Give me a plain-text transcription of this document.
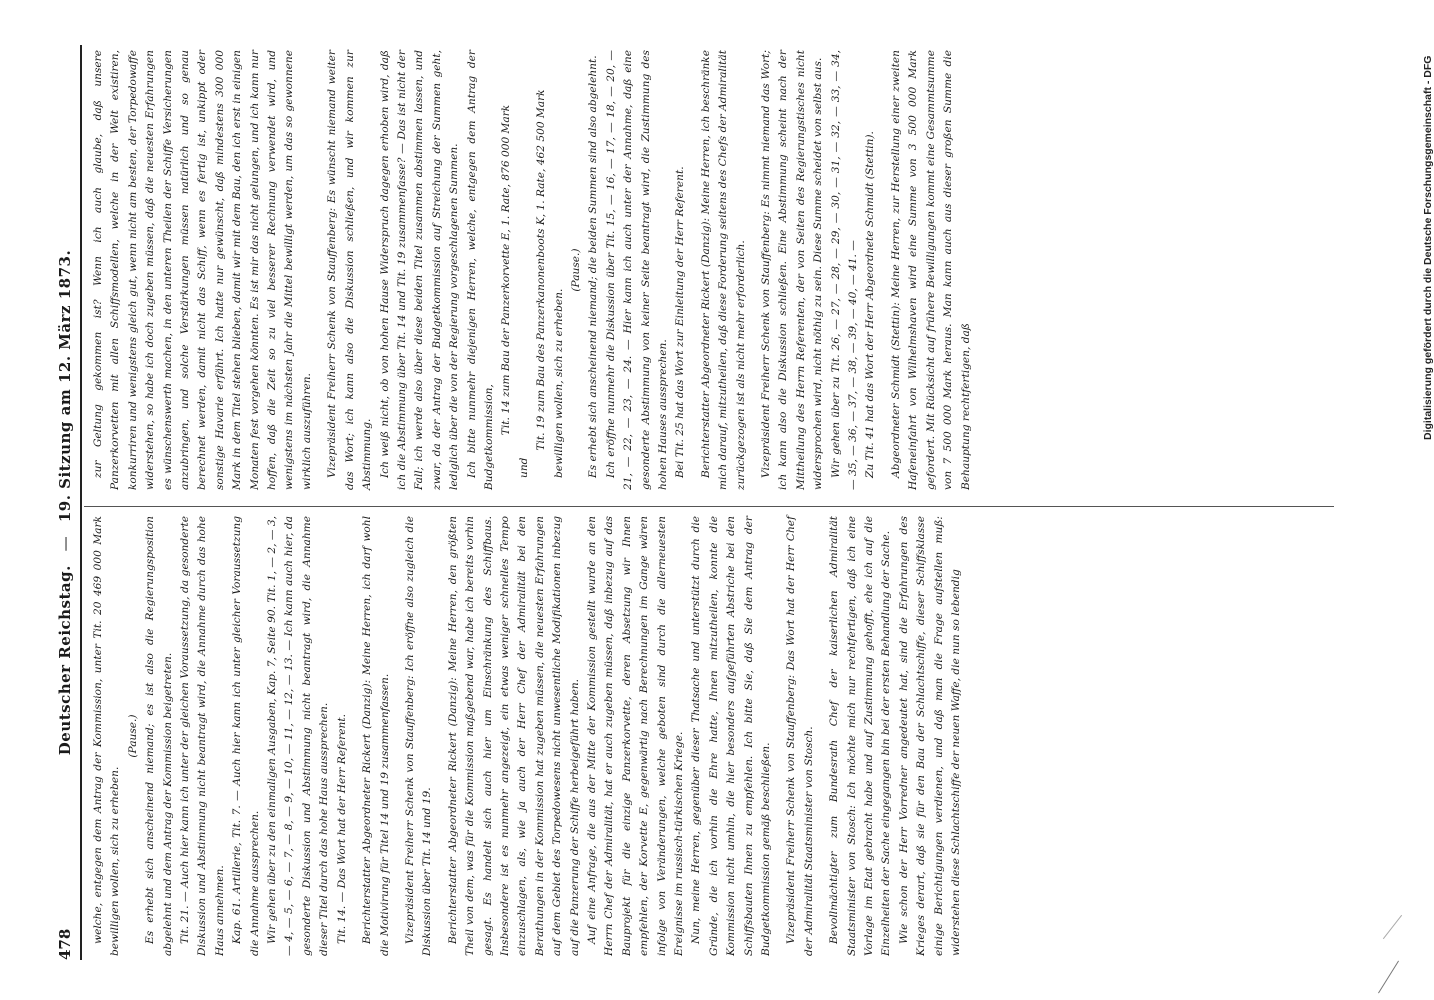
478
Deutscher Reichstag. — 19. Sitzung am 12. März 1873.

welche, entgegen dem Antrag der Kommission, unter Tit. 20 469 000 Mark bewilligen wollen, sich zu erheben.

(Pause.) Es erhebt sich anscheinend niemand; es ist also die Regierungsposition abgelehnt und dem Antrag der Kommission beigetreten. Tit. 21. — Auch hier kann ich unter der gleichen Voraussetzung, da gesonderte Diskussion und Abstimmung nicht beantragt wird, die Annahme durch das hohe Haus annehmen. Kap. 61. Artillerie, Tit. 7. — Auch hier kann ich unter gleicher Voraussetzung die Annahme aussprechen. Wir gehen über zu den einmaligen Ausgaben, Kap. 7, Seite 90. Tit. 1, — 2, — 3, — 4, — 5, — 6, — 7, — 8, — 9, — 10, — 11, — 12, — 13. — Ich kann auch hier, da gesonderte Diskussion und Abstimmung nicht beantragt wird, die Annahme dieser Titel durch das hohe Haus aussprechen. Tit. 14. — Das Wort hat der Herr Referent.	Berichterstatter Abgeordneter Rickert (Danzig): Meine Herren, ich darf wohl die Motivirung für Titel 14 und 19 zusammenfassen.	Vizepräsident Freiherr Schenk von Stauffenberg: Ich eröffne also zugleich die Diskussion über Tit. 14 und 19.	Berichterstatter Abgeordneter Rickert (Danzig): Meine Herren, den größten Theil von dem, was für die Kommission maßgebend war, habe ich bereits vorhin gesagt. Es handelt sich auch hier um Einschränkung des Schiffbaus. Insbesondere ist es nunmehr angezeigt, ein etwas weniger schnelles Tempo einzuschlagen, als, wie ja auch der Herr Chef der Admiralität bei den Berathungen in der Kommission hat zugeben müssen, die neuesten Erfahrungen auf dem Gebiet des Torpedowesens nicht unwesentliche Modifikationen inbezug auf die Panzerung der Schiffe herbeigeführt haben. Auf eine Anfrage, die aus der Mitte der Kommission gestellt wurde an den Herrn Chef der Admiralität, hat er auch zugeben müssen, daß inbezug auf das Bauprojekt für die einzige Panzerkorvette, deren Absetzung wir Ihnen empfehlen, der Korvette E, gegenwärtig nach Berechnungen im Gange wären infolge von Veränderungen, welche geboten sind durch die allerneuesten Ereignisse im russisch-türkischen Kriege. Nun, meine Herren, gegenüber dieser Thatsache und unterstützt durch die Gründe, die ich vorhin die Ehre hatte, Ihnen mitzutheilen, konnte die Kommission nicht umhin, die hier besonders aufgeführten Abstriche bei den Schiffsbauten Ihnen zu empfehlen. Ich bitte Sie, daß Sie dem Antrag der Budgetkommission gemäß beschließen.	Vizepräsident Freiherr Schenk von Stauffenberg: Das Wort hat der Herr Chef der Admiralität Staatsminister von Stosch.	Bevollmächtigter zum Bundesrath Chef der kaiserlichen Admiralität Staatsminister von Stosch: Ich möchte mich nur rechtfertigen, daß ich eine Vorlage im Etat gebracht habe und auf Zustimmung gehofft, ehe ich auf die Einzelheiten der Sache eingegangen bin bei der ersten Behandlung der Sache. Wie schon der Herr Vorredner angedeutet hat, sind die Erfahrungen des Krieges derart, daß sie für den Bau der Schlachtschiffe, dieser Schiffsklasse einige Berichtigungen verdienen, und daß man die Frage aufstellen muß: widerstehen diese Schlachtschiffe der neuen Waffe, die nun so lebendig

zur Geltung gekommen ist? Wenn ich auch glaube, daß unsere Panzerkorvetten mit allen Schiffsmodellen, welche in der Welt existiren, konkurriren und wenigstens gleich gut, wenn nicht am besten, der Torpedowaffe widerstehen, so habe ich doch zugeben müssen, daß die neuesten Erfahrungen es wünschenswerth machen, in den unteren Theilen der Schiffe Versicherungen anzubringen, und solche Verstärkungen müssen natürlich und so genau berechnet werden, damit nicht das Schiff, wenn es fertig ist, unkippt oder sonstige Havarie erfährt. Ich hatte nur gewünscht, daß mindestens 300 000 Mark in dem Titel stehen blieben, damit wir mit dem Bau, den ich erst in einigen Monaten fest vorgehen könnten. Es ist mir das nicht gelungen, und ich kann nur hoffen, daß die Zeit so zu viel besserer Rechnung verwendet wird, und wenigstens im nächsten Jahr die Mittel bewilligt werden, um das so gewonnene wirklich auszuführen.	Vizepräsident Freiherr Schenk von Stauffenberg: Es wünscht niemand weiter das Wort; ich kann also die Diskussion schließen, und wir kommen zur Abstimmung. Ich weiß nicht, ob von hohen Hause Widerspruch dagegen erhoben wird, daß ich die Abstimmung über Tit. 14 und Tit. 19 zusammenfasse? — Das ist nicht der Fall; ich werde also über diese beiden Titel zusammen abstimmen lassen, und zwar, da der Antrag der Budgetkommission auf Streichung der Summen geht, lediglich über die von der Regierung vorgeschlagenen Summen. Ich bitte nunmehr diejenigen Herren, welche, entgegen dem Antrag der Budgetkommission,

Tit. 14 zum Bau der Panzerkorvette E, 1. Rate, 876 000 Mark

und

Tit. 19 zum Bau des Panzerkanonenboots K, 1. Rate, 462 500 Mark bewilligen wollen, sich zu erheben.

(Pause.) Es erhebt sich anscheinend niemand; die beiden Summen sind also abgelehnt. Ich eröffne nunmehr die Diskussion über Tit. 15, — 16, — 17, — 18, — 20, — 21, — 22, — 23, — 24. — Hier kann ich auch unter der Annahme, daß eine gesonderte Abstimmung von keiner Seite beantragt wird, die Zustimmung des hohen Hauses aussprechen. Bei Tit. 25 hat das Wort zur Einleitung der Herr Referent.	Berichterstatter Abgeordneter Rickert (Danzig): Meine Herren, ich beschränke mich darauf, mitzutheilen, daß diese Forderung seitens des Chefs der Admiralität zurückgezogen ist als nicht mehr erforderlich.	Vizepräsident Freiherr Schenk von Stauffenberg: Es nimmt niemand das Wort; ich kann also die Diskussion schließen. Eine Abstimmung scheint nach der Mittheilung des Herrn Referenten, der von Seiten des Regierungstisches nicht widersprochen wird, nicht nöthig zu sein. Diese Summe scheidet von selbst aus. Wir gehen über zu Tit. 26, — 27, — 28, — 29, — 30, — 31, — 32, — 33, — 34, — 35, — 36, — 37, — 38, — 39, — 40, — 41. — Zu Tit. 41 hat das Wort der Herr Abgeordnete Schmidt (Stettin).	Abgeordneter Schmidt (Stettin): Meine Herren, zur Herstellung einer zweiten Hafeneinfahrt von Wilhelmshaven wird eine Summe von 3 500 000 Mark gefordert. Mit Rücksicht auf frühere Bewilligungen kommt eine Gesammtsumme von 7 500 000 Mark heraus. Man kann auch aus dieser großen Summe die Behauptung rechtfertigen, daß	Digitalisierung gefördert durch die Deutsche Forschungsgemeinschaft - DFG
